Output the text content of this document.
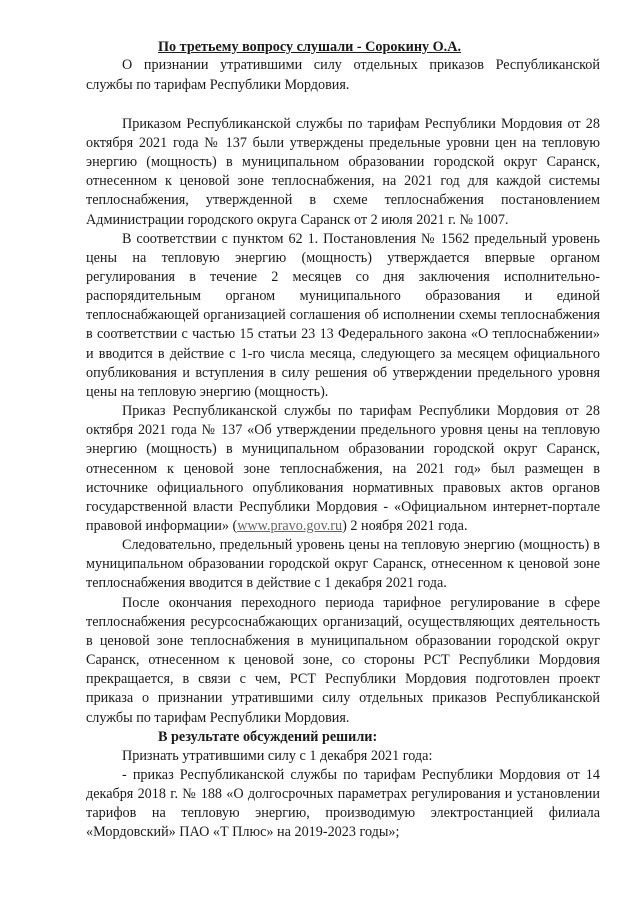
По третьему вопросу слушали - Сорокину О.А.

О признании утратившими силу отдельных приказов Республиканской службы по тарифам Республики Мордовия.

Приказом Республиканской службы по тарифам Республики Мордовия от 28 октября 2021 года № 137 были утверждены предельные уровни цен на тепловую энергию (мощность) в муниципальном образовании городской округ Саранск, отнесенном к ценовой зоне теплоснабжения, на 2021 год для каждой системы теплоснабжения, утвержденной в схеме теплоснабжения постановлением Администрации городского округа Саранск от 2 июля 2021 г. № 1007.

В соответствии с пунктом 62 1. Постановления № 1562 предельный уровень цены на тепловую энергию (мощность) утверждается впервые органом регулирования в течение 2 месяцев со дня заключения исполнительно-распорядительным органом муниципального образования и единой теплоснабжающей организацией соглашения об исполнении схемы теплоснабжения в соответствии с частью 15 статьи 23 13 Федерального закона «О теплоснабжении» и вводится в действие с 1-го числа месяца, следующего за месяцем официального опубликования и вступления в силу решения об утверждении предельного уровня цены на тепловую энергию (мощность).

Приказ Республиканской службы по тарифам Республики Мордовия от 28 октября 2021 года № 137 «Об утверждении предельного уровня цены на тепловую энергию (мощность) в муниципальном образовании городской округ Саранск, отнесенном к ценовой зоне теплоснабжения, на 2021 год» был размещен в источнике официального опубликования нормативных правовых актов органов государственной власти Республики Мордовия - «Официальном интернет-портале правовой информации» (www.pravo.gov.ru) 2 ноября 2021 года.

Следовательно, предельный уровень цены на тепловую энергию (мощность) в муниципальном образовании городской округ Саранск, отнесенном к ценовой зоне теплоснабжения вводится в действие с 1 декабря 2021 года.

После окончания переходного периода тарифное регулирование в сфере теплоснабжения ресурсоснабжающих организаций, осуществляющих деятельность в ценовой зоне теплоснабжения в муниципальном образовании городской округ Саранск, отнесенном к ценовой зоне, со стороны РСТ Республики Мордовия прекращается, в связи с чем, РСТ Республики Мордовия подготовлен проект приказа о признании утратившими силу отдельных приказов Республиканской службы по тарифам Республики Мордовия.

В результате обсуждений решили:

Признать утратившими силу с 1 декабря 2021 года:

- приказ Республиканской службы по тарифам Республики Мордовия от 14 декабря 2018 г. № 188 «О долгосрочных параметрах регулирования и установлении тарифов на тепловую энергию, производимую электростанцией филиала «Мордовский» ПАО «Т Плюс» на 2019-2023 годы»;
